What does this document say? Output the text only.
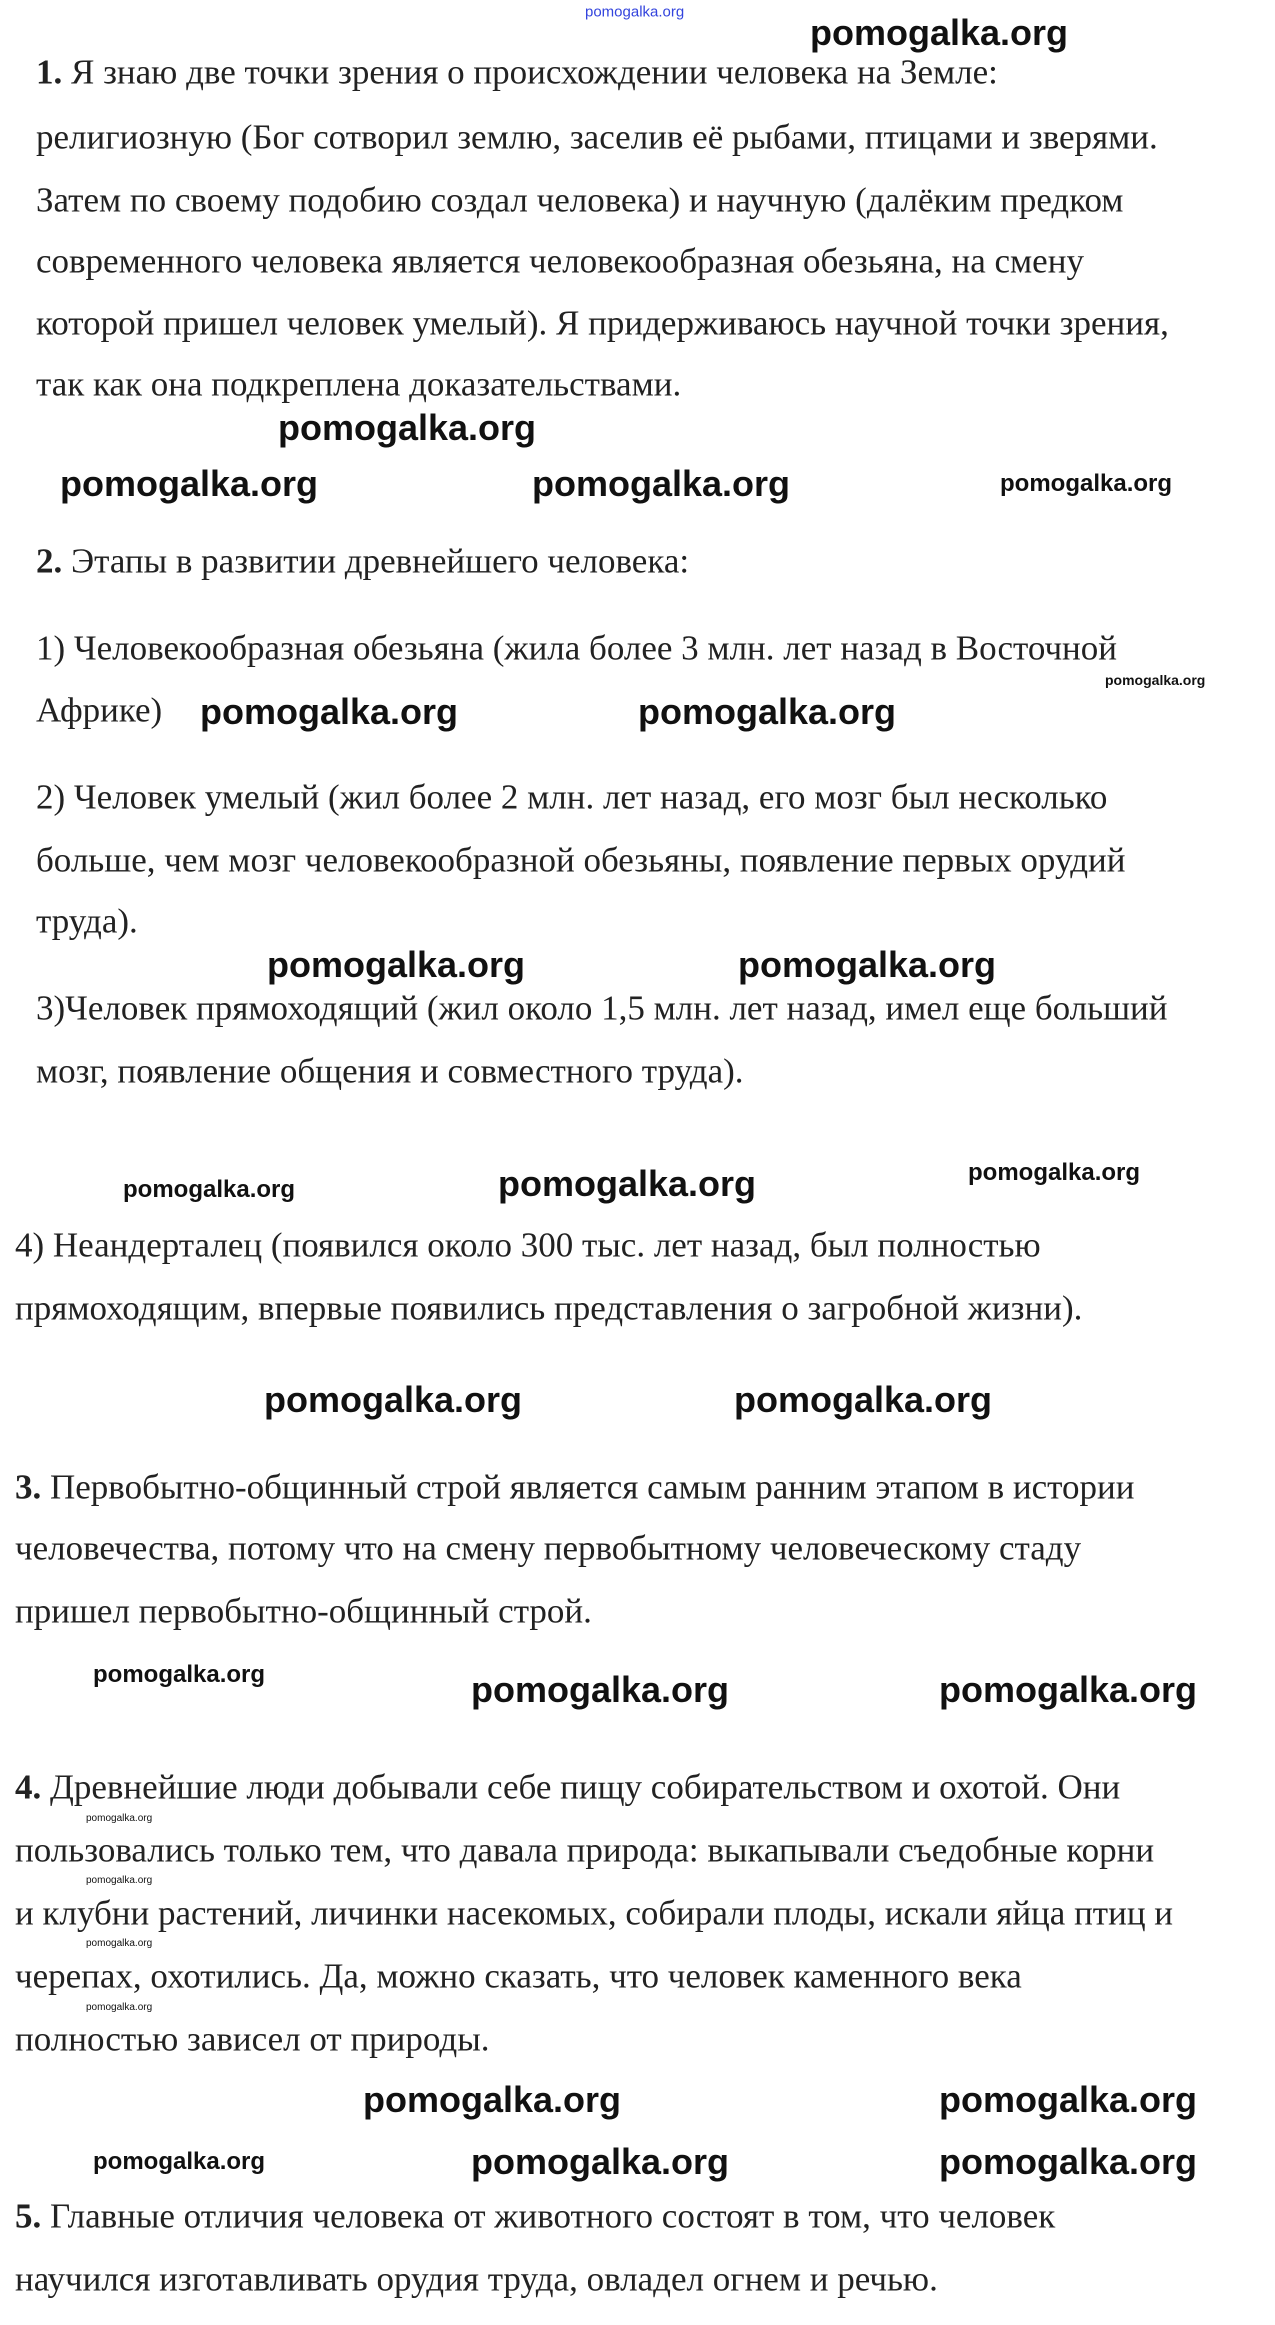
pomogalka.org
1. Я знаю две точки зрения о происхождении человека на Земле:
религиозную (Бог сотворил землю, заселив её рыбами, птицами и зверями.
Затем по своему подобию создал человека) и научную (далёким предком
современного человека является человекообразная обезьяна, на смену
которой пришел человек умелый). Я придерживаюсь научной точки зрения,
так как она подкреплена доказательствами.
2. Этапы в развитии древнейшего человека:
1) Человекообразная обезьяна (жила более 3 млн. лет назад в Восточной
Африке)
2) Человек умелый (жил более 2 млн. лет назад, его мозг был несколько
больше, чем мозг человекообразной обезьяны, появление первых орудий
труда).
3)Человек прямоходящий (жил около 1,5 млн. лет назад, имел еще больший
мозг, появление общения и совместного труда).
4) Неандерталец (появился около 300 тыс. лет назад, был полностью
прямоходящим, впервые появились представления о загробной жизни).
3. Первобытно-общинный строй является самым ранним этапом в истории
человечества, потому что на смену первобытному человеческому стаду
пришел первобытно-общинный строй.
4. Древнейшие люди добывали себе пищу собирательством и охотой. Они
пользовались только тем, что давала природа: выкапывали съедобные корни
и клубни растений, личинки насекомых, собирали плоды, искали яйца птиц и
черепах, охотились. Да, можно сказать, что человек каменного века
полностью зависел от природы.
5. Главные отличия человека от животного состоят в том, что человек
научился изготавливать орудия труда, овладел огнем и речью.
pomogalka.org
pomogalka.org
pomogalka.org	pomogalka.org	pomogalka.org
pomogalka.org
pomogalka.org	pomogalka.org
pomogalka.org	pomogalka.org
pomogalka.org	pomogalka.org	pomogalka.org
pomogalka.org	pomogalka.org
pomogalka.org	pomogalka.org	pomogalka.org
pomogalka.org
pomogalka.org
pomogalka.org
pomogalka.org
pomogalka.org	pomogalka.org
pomogalka.org	pomogalka.org	pomogalka.org
